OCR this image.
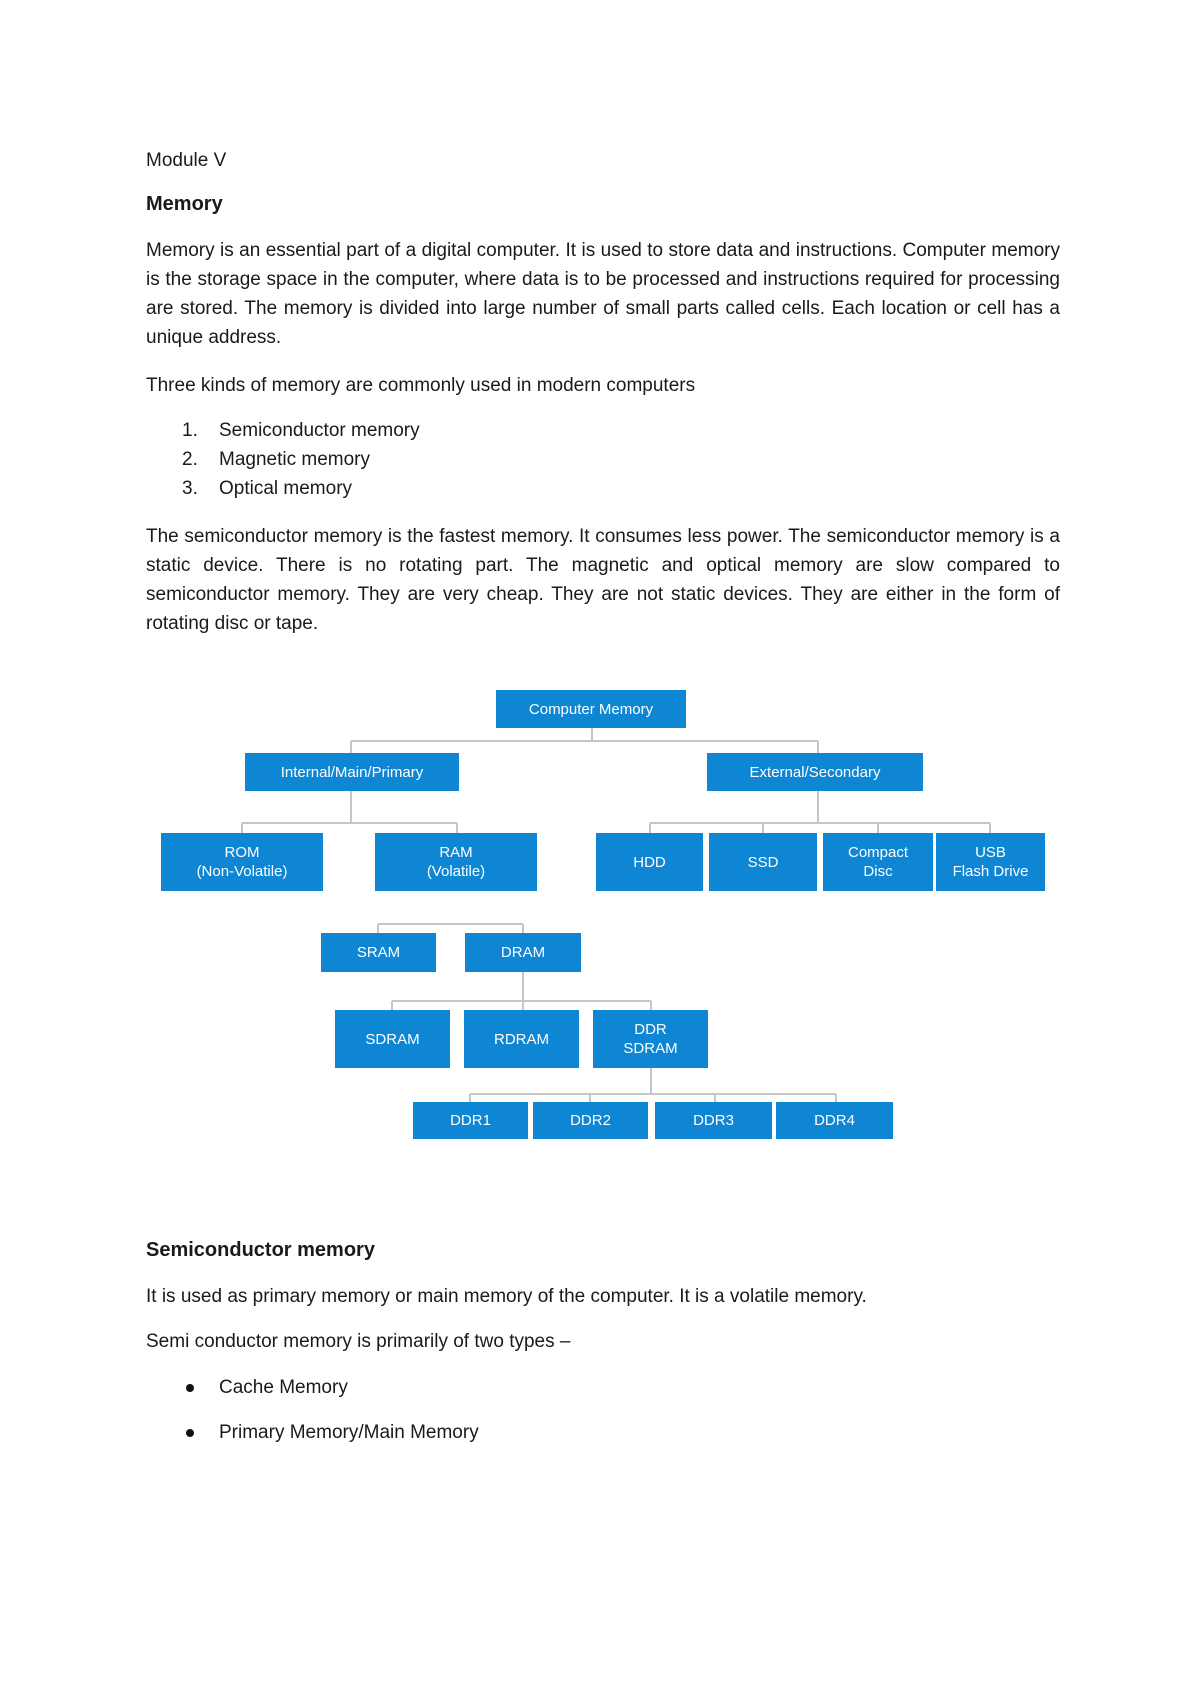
Module V
Memory
Memory is an essential part of a digital computer. It is used to store data and instructions. Computer memory is the storage space in the computer, where data is to be processed and instructions required for processing are stored. The memory is divided into large number of small parts called cells. Each location or cell has a unique address.
Three kinds of memory are commonly used in modern computers
1. Semiconductor memory
2. Magnetic memory
3. Optical memory
The semiconductor memory is the fastest memory. It consumes less power. The semiconductor memory is a static device. There is no rotating part. The magnetic and optical memory are slow compared to semiconductor memory. They are very cheap. They are not static devices. They are either in the form of rotating disc or tape.
Computer Memory
Internal/Main/Primary	External/Secondary
ROM
(Non-Volatile)
RAM
(Volatile)
HDD	SSD
Compact
Disc
USB
Flash Drive
SRAM	DRAM
SDRAM	RDRAM
DDR
SDRAM
DDR1	DDR2	DDR3	DDR4
Semiconductor memory
It is used as primary memory or main memory of the computer. It is a volatile memory.
Semi conductor memory is primarily of two types –
Cache Memory
Primary Memory/Main Memory
